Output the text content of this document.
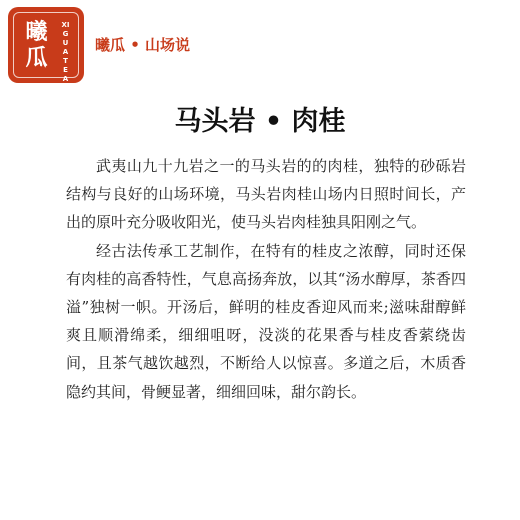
曦瓜
XIGUATEA
曦瓜 • 山场说
马头岩 • 肉桂

武夷山九十九岩之一的马头岩的的肉桂，独特的砂砾岩结构与良好的山场环境，马头岩肉桂山场内日照时间长，产出的原叶充分吸收阳光，使马头岩肉桂独具阳刚之气。

经古法传承工艺制作，在特有的桂皮之浓醇，同时还保有肉桂的高香特性，气息高扬奔放，以其“汤水醇厚，茶香四溢”独树一帜。开汤后，鲜明的桂皮香迎风而来;滋味甜醇鲜爽且顺滑绵柔，细细咀呀，没淡的花果香与桂皮香萦绕齿间，且茶气越饮越烈，不断给人以惊喜。多道之后，木质香隐约其间，骨鲠显著，细细回味，甜尔韵长。
